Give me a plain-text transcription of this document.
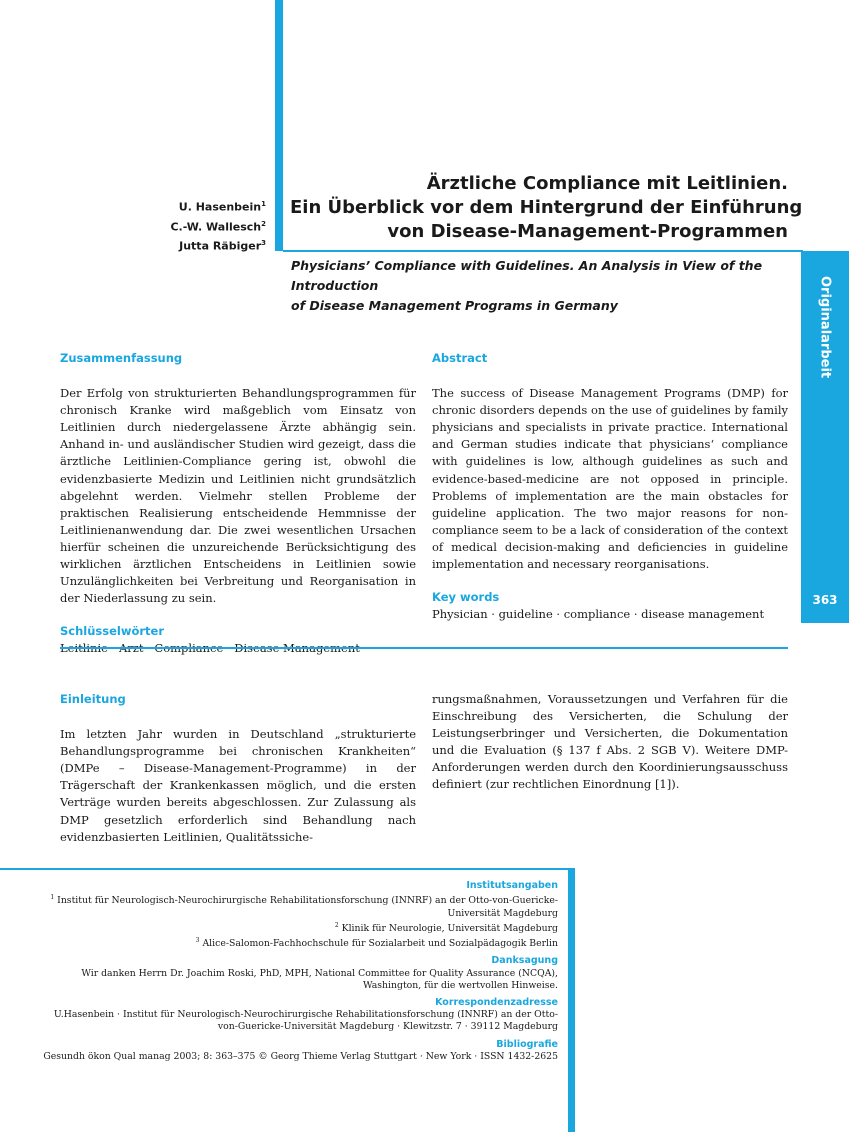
Originalarbeit
363
U. Hasenbein$^1$
C.-W. Wallesch$^2$
Jutta Räbiger$^3$
Ärztliche Compliance mit Leitlinien.
Ein Überblick vor dem Hintergrund der Einführung
von Disease-Management-Programmen
Physicians’ Compliance with Guidelines. An Analysis in View of the Introduction
of Disease Management Programs in Germany
Zusammenfassung

Der Erfolg von strukturierten Behandlungsprogrammen für chronisch Kranke wird maßgeblich vom Einsatz von Leitlinien durch niedergelassene Ärzte abhängig sein. Anhand in- und ausländischer Studien wird gezeigt, dass die ärztliche Leitlinien-Compliance gering ist, obwohl die evidenzbasierte Medizin und Leitlinien nicht grundsätzlich abgelehnt werden. Vielmehr stellen Probleme der praktischen Realisierung entscheidende Hemmnisse der Leitlinienanwendung dar. Die zwei wesentlichen Ursachen hierfür scheinen die unzureichende Berücksichtigung des wirklichen ärztlichen Entscheidens in Leitlinien sowie Unzulänglichkeiten bei Verbreitung und Reorganisation in der Niederlassung zu sein.

Schlüsselwörter

Abstract

The success of Disease Management Programs (DMP) for chronic disorders depends on the use of guidelines by family physicians and specialists in private practice. International and German studies indicate that physicians‘ compliance with guidelines is low, although guidelines as such and evidence-based-medicine are not opposed in principle. Problems of implementation are the main obstacles for guideline application. The two major reasons for non-compliance seem to be a lack of consideration of the context of medical decision-making and deficiencies in guideline implementation and necessary reorganisations.

Key words

Physician · guideline · compliance · disease management

Einleitung

Im letzten Jahr wurden in Deutschland „strukturierte Behandlungsprogramme bei chronischen Krankheiten“ (DMPe – Disease-Management-Programme) in der Trägerschaft der Krankenkassen möglich, und die ersten Verträge wurden bereits abgeschlossen. Zur Zulassung als DMP gesetzlich erforderlich sind Behandlung nach evidenzbasierten Leitlinien, Qualitätssiche-

rungsmaßnahmen, Voraussetzungen und Verfahren für die Einschreibung des Versicherten, die Schulung der Leistungserbringer und Versicherten, die Dokumentation und die Evaluation (§ 137 f Abs. 2 SGB V). Weitere DMP-Anforderungen werden durch den Koordinierungsausschuss definiert (zur rechtlichen Einordnung [1]).

Institutsangaben
$^1$ Institut für Neurologisch-Neurochirurgische Rehabilitationsforschung (INNRF) an der Otto-von-Guericke-
Universität Magdeburg
$^2$ Klinik für Neurologie, Universität Magdeburg
$^3$ Alice-Salomon-Fachhochschule für Sozialarbeit und Sozialpädagogik Berlin
Danksagung
Wir danken Herrn Dr. Joachim Roski, PhD, MPH, National Committee for Quality Assurance (NCQA),
Washington, für die wertvollen Hinweise.
Korrespondenzadresse
U.Hasenbein · Institut für Neurologisch-Neurochirurgische Rehabilitationsforschung (INNRF) an der Otto-
von-Guericke-Universität Magdeburg · Klewitzstr. 7 · 39112 Magdeburg
Bibliografie
Gesundh ökon Qual manag 2003; 8: 363–375 © Georg Thieme Verlag Stuttgart · New York · ISSN 1432-2625
